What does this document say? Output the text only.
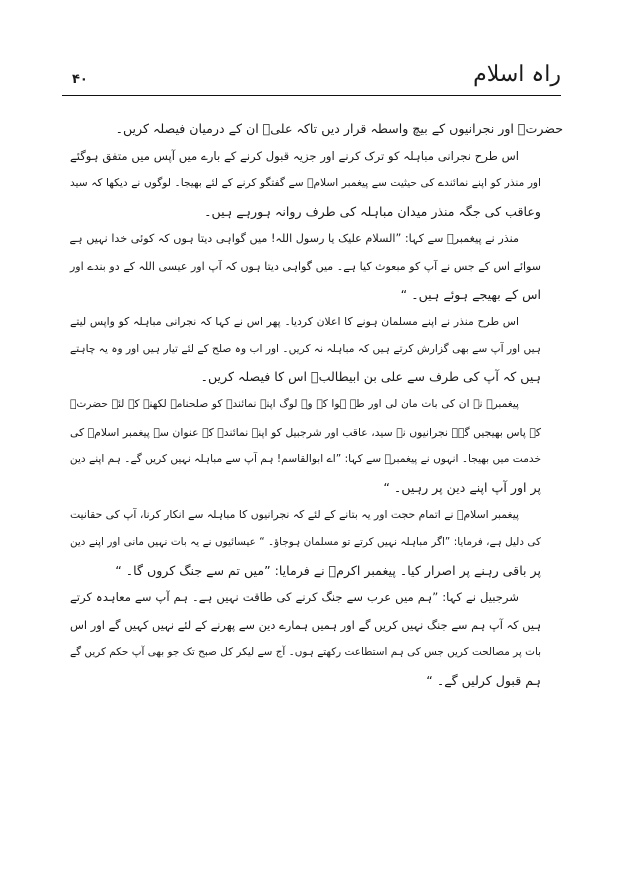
۴۰	راہ اسلام
حضرتؑ اور نجرانیوں کے بیچ واسطہ قرار دیں تاکہ علیؑ ان کے درمیان فیصلہ کریں۔
اس طرح نجرانی مباہلہ کو ترک کرنے اور جزیہ قبول کرنے کے بارے میں آپس میں متفق ہوگئے
اور منذر کو اپنے نمائندے کی حیثیت سے پیغمبر اسلامؐ سے گفتگو کرنے کے لئے بھیجا۔ لوگوں نے دیکھا کہ سید
وعاقب کی جگہ منذر میدان مباہلہ کی طرف روانہ ہورہے ہیں۔
منذر نے پیغمبرؐ سے کہا: ”السلام علیک یا رسول اللہ! میں گواہی دیتا ہوں کہ کوئی خدا نہیں ہے
سوائے اس کے جس نے آپ کو مبعوث کیا ہے۔ میں گواہی دیتا ہوں کہ آپ اور عیسی اللہ کے دو بندے اور
اس کے بھیجے ہوئے ہیں۔ “
اس طرح منذر نے اپنے مسلمان ہونے کا اعلان کردیا۔ پھر اس نے کہا کہ نجرانی مباہلہ کو واپس لیتے
ہیں اور آپ سے بھی گزارش کرتے ہیں کہ مباہلہ نہ کریں۔ اور اب وہ صلح کے لئے تیار ہیں اور وہ یہ چاہتے
ہیں کہ آپ کی طرف سے علی بن ابیطالبؑ اس کا فیصلہ کریں۔
پیغمبرؐ نے ان کی بات مان لی اور طے ہوا کہ وہ لوگ اپنے نمائندے کو صلحنامہ لکھنے کے لئے حضرتؑ
کے پاس بھیجیں گے۔ نجرانیوں نے سید، عاقب اور شرجبیل کو اپنے نمائندے کے عنوان سے پیغمبر اسلامؐ کی
خدمت میں بھیجا۔ انہوں نے پیغمبرؐ سے کہا: ”اے ابوالقاسم! ہم آپ سے مباہلہ نہیں کریں گے۔ ہم اپنے دین
پر اور آپ اپنے دین پر رہیں۔ “
پیغمبر اسلامؐ نے اتمام حجت اور یہ بتانے کے لئے کہ نجرانیوں کا مباہلہ سے انکار کرنا، آپ کی حقانیت
کی دلیل ہے، فرمایا: ”اگر مباہلہ نہیں کرتے تو مسلمان ہوجاؤ۔ “ عیسائیوں نے یہ بات نہیں مانی اور اپنے دین
پر باقی رہنے پر اصرار کیا۔ پیغمبر اکرمؐ نے فرمایا: ”میں تم سے جنگ کروں گا۔ “
شرجبیل نے کہا: ”ہم میں عرب سے جنگ کرنے کی طاقت نہیں ہے۔ ہم آپ سے معاہدہ کرتے
ہیں کہ آپ ہم سے جنگ نہیں کریں گے اور ہمیں ہمارے دین سے پھرنے کے لئے نہیں کہیں گے اور اس
بات پر مصالحت کریں جس کی ہم استطاعت رکھتے ہوں۔ آج سے لیکر کل صبح تک جو بھی آپ حکم کریں گے
ہم قبول کرلیں گے۔ “
